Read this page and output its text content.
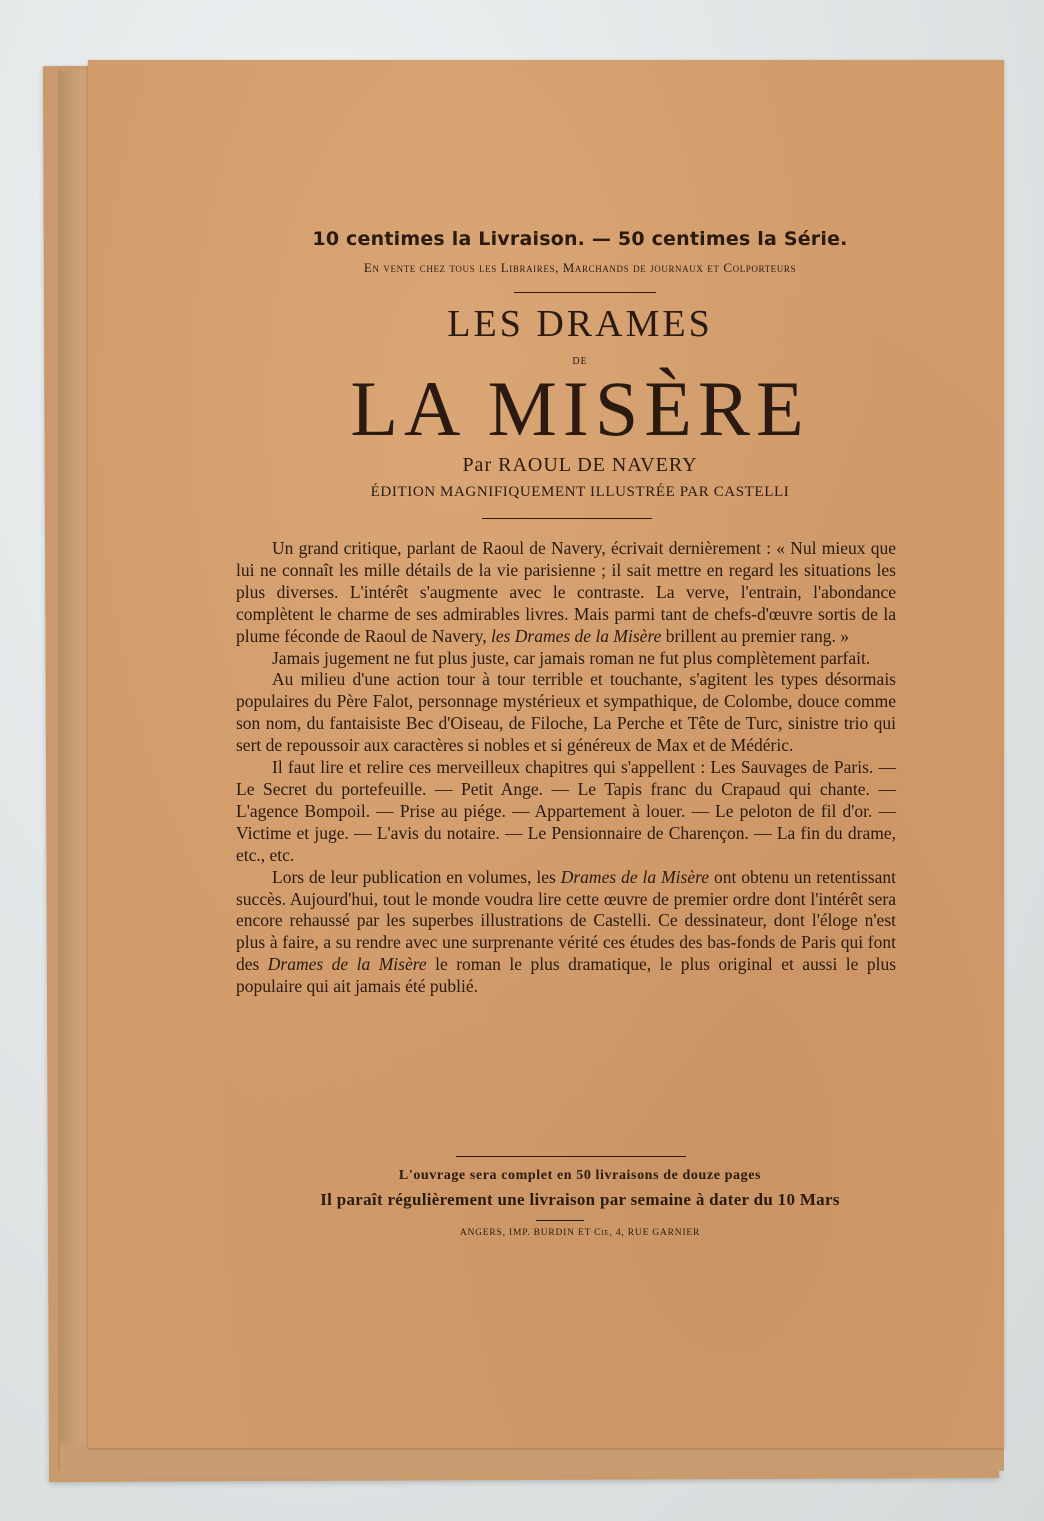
10 centimes la Livraison. — 50 centimes la Série.
En vente chez tous les Libraires, Marchands de journaux et Colporteurs
LES DRAMES
DE
LA MISÈRE
Par RAOUL DE NAVERY
ÉDITION MAGNIFIQUEMENT ILLUSTRÉE PAR CASTELLI

Un grand critique, parlant de Raoul de Navery, écrivait dernièrement : « Nul mieux que lui ne connaît les mille détails de la vie parisienne ; il sait mettre en regard les situations les plus diverses. L'intérêt s'augmente avec le contraste. La verve, l'entrain, l'abondance complètent le charme de ses admirables livres. Mais parmi tant de chefs-d'œuvre sortis de la plume féconde de Raoul de Navery, les Drames de la Misère brillent au premier rang. »

Jamais jugement ne fut plus juste, car jamais roman ne fut plus complètement parfait.

Au milieu d'une action tour à tour terrible et touchante, s'agitent les types désormais populaires du Père Falot, personnage mystérieux et sympathique, de Colombe, douce comme son nom, du fantaisiste Bec d'Oiseau, de Filoche, La Perche et Tête de Turc, sinistre trio qui sert de repoussoir aux caractères si nobles et si généreux de Max et de Médéric.

Il faut lire et relire ces merveilleux chapitres qui s'appellent : Les Sauvages de Paris. — Le Secret du portefeuille. — Petit Ange. — Le Tapis franc du Crapaud qui chante. — L'agence Bompoil. — Prise au piége. — Appartement à louer. — Le peloton de fil d'or. — Victime et juge. — L'avis du notaire. — Le Pensionnaire de Charençon. — La fin du drame, etc., etc.

Lors de leur publication en volumes, les Drames de la Misère ont obtenu un retentissant succès. Aujourd'hui, tout le monde voudra lire cette œuvre de premier ordre dont l'intérêt sera encore rehaussé par les superbes illustrations de Castelli. Ce dessinateur, dont l'éloge n'est plus à faire, a su rendre avec une surprenante vérité ces études des bas-fonds de Paris qui font des Drames de la Misère le roman le plus dramatique, le plus original et aussi le plus populaire qui ait jamais été publié.

L'ouvrage sera complet en 50 livraisons de douze pages
Il paraît régulièrement une livraison par semaine à dater du 10 Mars
ANGERS, IMP. BURDIN ET Cie, 4, RUE GARNIER
